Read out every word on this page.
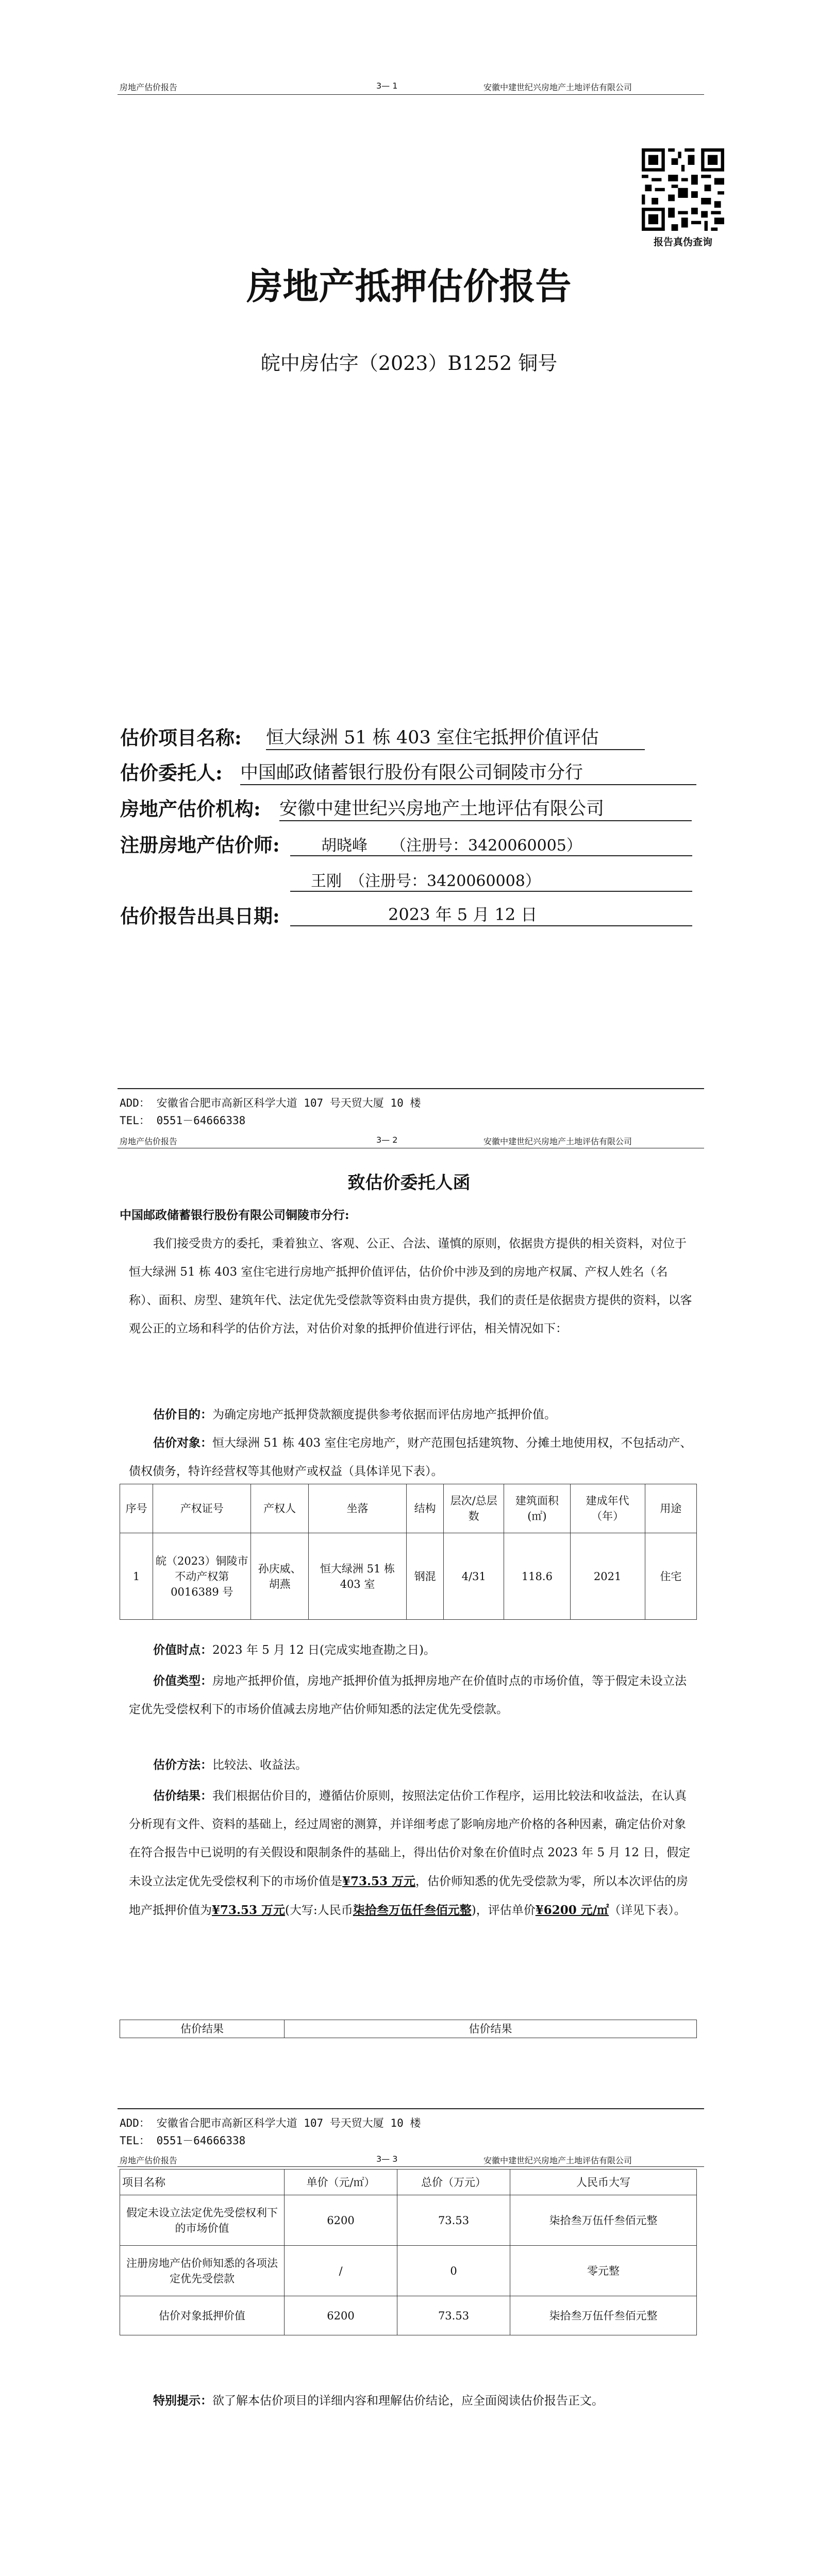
房地产估价报告	3— 1	安徽中建世纪兴房地产土地评估有限公司
报告真伪查询
房地产抵押估价报告
皖中房估字（2023）B1252 铜号
估价项目名称: 恒大绿洲 51 栋 403 室住宅抵押价值评估
估价委托人: 中国邮政储蓄银行股份有限公司铜陵市分行
房地产估价机构: 安徽中建世纪兴房地产土地评估有限公司
注册房地产估价师:	胡晓峰　　（注册号：3420060005）
王刚　（注册号：3420060008）
估价报告出具日期:	2023 年 5 月 12 日
ADD： 安徽省合肥市高新区科学大道 107 号天贸大厦 10 楼
TEL： 0551－64666338
房地产估价报告	3— 2	安徽中建世纪兴房地产土地评估有限公司
致估价委托人函
中国邮政储蓄银行股份有限公司铜陵市分行:
我们接受贵方的委托，秉着独立、客观、公正、合法、谨慎的原则，依据贵方提供的相关资料，对位于恒大绿洲 51 栋 403 室住宅进行房地产抵押价值评估，估价价中涉及到的房地产权属、产权人姓名（名称）、面积、房型、建筑年代、法定优先受偿款等资料由贵方提供，我们的责任是依据贵方提供的资料，以客观公正的立场和科学的估价方法，对估价对象的抵押价值进行评估，相关情况如下：
估价目的：为确定房地产抵押贷款额度提供参考依据而评估房地产抵押价值。
估价对象：恒大绿洲 51 栋 403 室住宅房地产，财产范围包括建筑物、分摊土地使用权，不包括动产、债权债务，特许经营权等其他财产或权益（具体详见下表）。
序号	产权证号	产权人	坐落	结构	层次/总层数	建筑面积(㎡)	建成年代（年）	用途
1	皖（2023）铜陵市不动产权第 0016389 号	孙庆威、胡燕	恒大绿洲 51 栋 403 室	钢混	4/31	118.6	2021	住宅
价值时点：2023 年 5 月 12 日(完成实地查勘之日)。
价值类型：房地产抵押价值，房地产抵押价值为抵押房地产在价值时点的市场价值，等于假定未设立法定优先受偿权利下的市场价值减去房地产估价师知悉的法定优先受偿款。
估价方法：比较法、收益法。
估价结果：我们根据估价目的，遵循估价原则，按照法定估价工作程序，运用比较法和收益法，在认真分析现有文件、资料的基础上，经过周密的测算，并详细考虑了影响房地产价格的各种因素，确定估价对象在符合报告中已说明的有关假设和限制条件的基础上，得出估价对象在价值时点 2023 年 5 月 12 日，假定未设立法定优先受偿权利下的市场价值是¥73.53 万元，估价师知悉的优先受偿款为零，所以本次评估的房地产抵押价值为¥73.53 万元(大写:人民币柒拾叁万伍仟叁佰元整)，评估单价¥6200 元/㎡（详见下表）。
估价结果	估价结果
ADD： 安徽省合肥市高新区科学大道 107 号天贸大厦 10 楼
TEL： 0551－64666338
房地产估价报告	3— 3	安徽中建世纪兴房地产土地评估有限公司
项目名称	单价（元/㎡）	总价（万元）	人民币大写
假定未设立法定优先受偿权利下的市场价值	6200	73.53	柒拾叁万伍仟叁佰元整
注册房地产估价师知悉的各项法定优先受偿款	/	0	零元整
估价对象抵押价值	6200	73.53	柒拾叁万伍仟叁佰元整
特别提示：欲了解本估价项目的详细内容和理解估价结论，应全面阅读估价报告正文。
